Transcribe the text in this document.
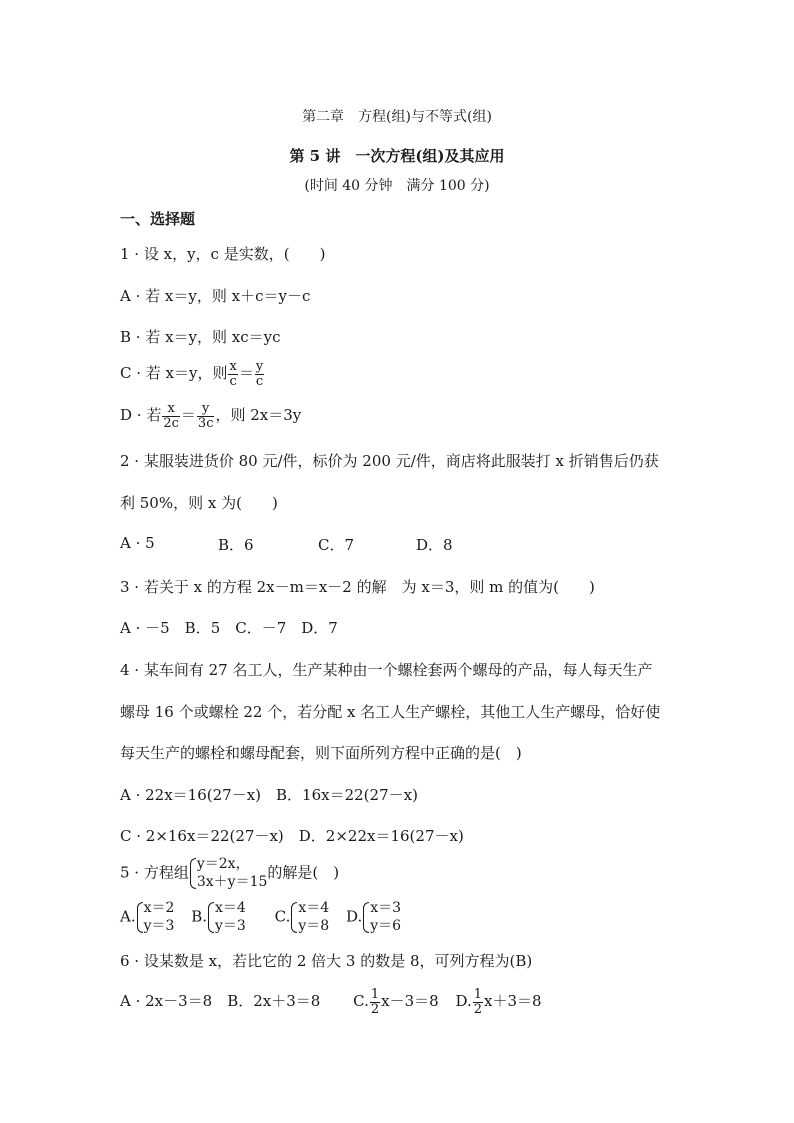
第二章　方程(组)与不等式(组)
第 5 讲　一次方程(组)及其应用
(时间 40 分钟　满分 100 分)
一、选择题
1 · 设 x，y，c 是实数，(　　)
A · 若 x＝y，则 x＋c＝y－c
B · 若 x＝y，则 xc＝yc
C · 若 x＝y，则 $\frac{x}{c} = \frac{y}{c}$
D · 若 $\frac{x}{2c} = \frac{y}{3c}$ ，则 2x＝3y
2 · 某服装进货价 80 元/件，标价为 200 元/件，商店将此服装打 x 折销售后仍获
利 50%，则 x 为(　　)
A · 5	B．6	C．7	D．8
3 · 若关于 x 的方程 2x－m＝x－2 的解　为 x＝3，则 m 的值为(　　)
A · －5　B．5　C．－7　D．7
4 · 某车间有 27 名工人，生产某种由一个螺栓套两个螺母的产品，每人每天生产
螺母 16 个或螺栓 22 个，若分配 x 名工人生产螺栓，其他工人生产螺母，恰好使
每天生产的螺栓和螺母配套，则下面所列方程中正确的是(　)
A · 22x＝16(27－x)　B．16x＝22(27－x)
C · 2×16x＝22(27－x)　D．2×22x＝16(27－x)
5 · 方程组 y＝2x，
3x＋y＝15 的解是(　)
A. x＝2
y＝3 B. x＝4
y＝3 C. x＝4
y＝8 D. x＝3
y＝6
6 · 设某数是 x，若比它的 2 倍大 3 的数是 8，可列方程为(B)
A · 2x－3＝8　B．2x＋3＝8 C. $\frac{1}{2} x-3=8$ D. $\frac{1}{2} x+3=8$
